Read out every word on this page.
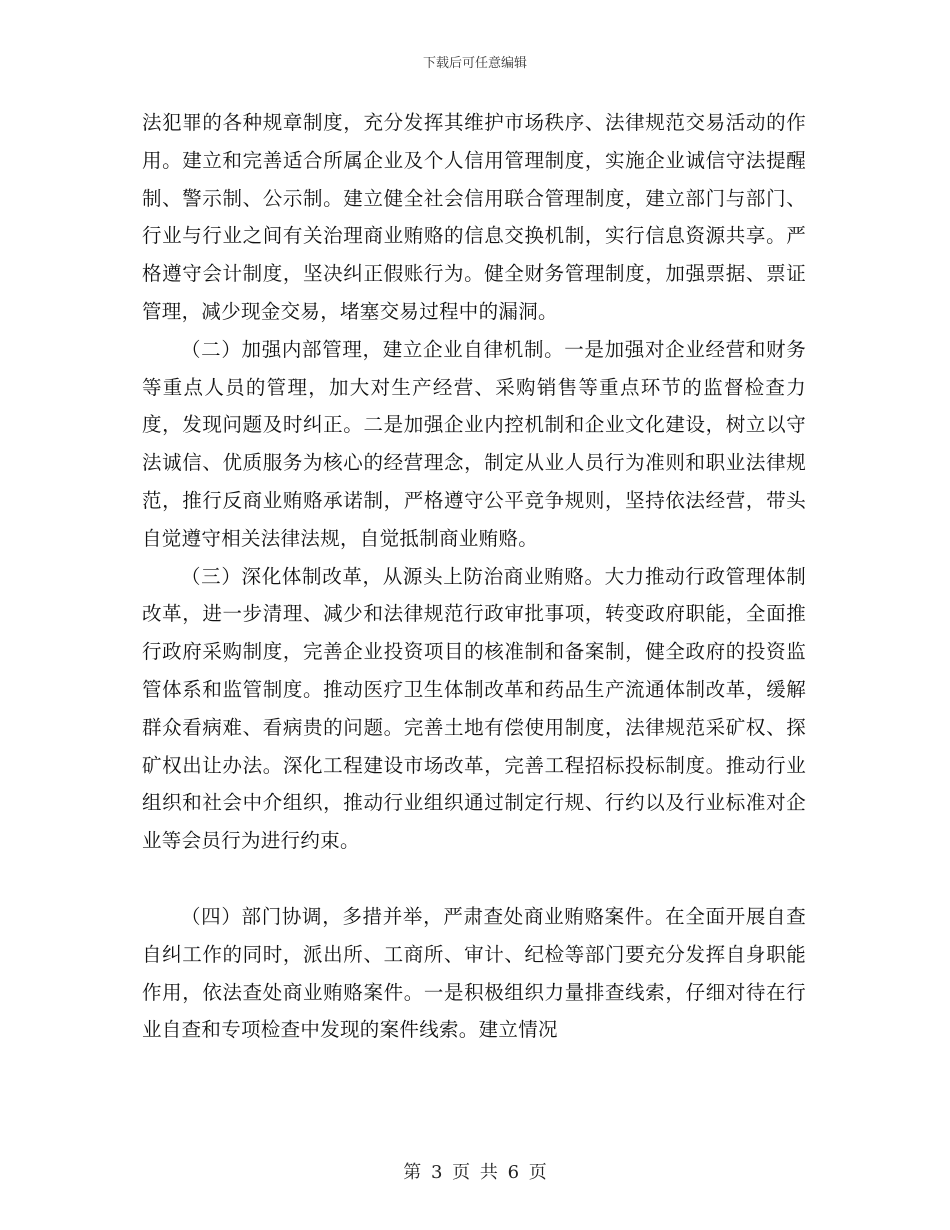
下载后可任意编辑

法犯罪的各种规章制度，充分发挥其维护市场秩序、法律规范交易活动的作用。建立和完善适合所属企业及个人信用管理制度，实施企业诚信守法提醒制、警示制、公示制。建立健全社会信用联合管理制度，建立部门与部门、行业与行业之间有关治理商业贿赂的信息交换机制，实行信息资源共享。严格遵守会计制度，坚决纠正假账行为。健全财务管理制度，加强票据、票证管理，减少现金交易，堵塞交易过程中的漏洞。

（二）加强内部管理，建立企业自律机制。一是加强对企业经营和财务等重点人员的管理，加大对生产经营、采购销售等重点环节的监督检查力度，发现问题及时纠正。二是加强企业内控机制和企业文化建设，树立以守法诚信、优质服务为核心的经营理念，制定从业人员行为准则和职业法律规范，推行反商业贿赂承诺制，严格遵守公平竞争规则，坚持依法经营，带头自觉遵守相关法律法规，自觉抵制商业贿赂。

（三）深化体制改革，从源头上防治商业贿赂。大力推动行政管理体制改革，进一步清理、减少和法律规范行政审批事项，转变政府职能，全面推行政府采购制度，完善企业投资项目的核准制和备案制，健全政府的投资监管体系和监管制度。推动医疗卫生体制改革和药品生产流通体制改革，缓解群众看病难、看病贵的问题。完善土地有偿使用制度，法律规范采矿权、探矿权出让办法。深化工程建设市场改革，完善工程招标投标制度。推动行业组织和社会中介组织，推动行业组织通过制定行规、行约以及行业标准对企业等会员行为进行约束。

（四）部门协调，多措并举，严肃查处商业贿赂案件。在全面开展自查自纠工作的同时，派出所、工商所、审计、纪检等部门要充分发挥自身职能作用，依法查处商业贿赂案件。一是积极组织力量排查线索，仔细对待在行业自查和专项检查中发现的案件线索。建立情况

第 3 页 共 6 页
